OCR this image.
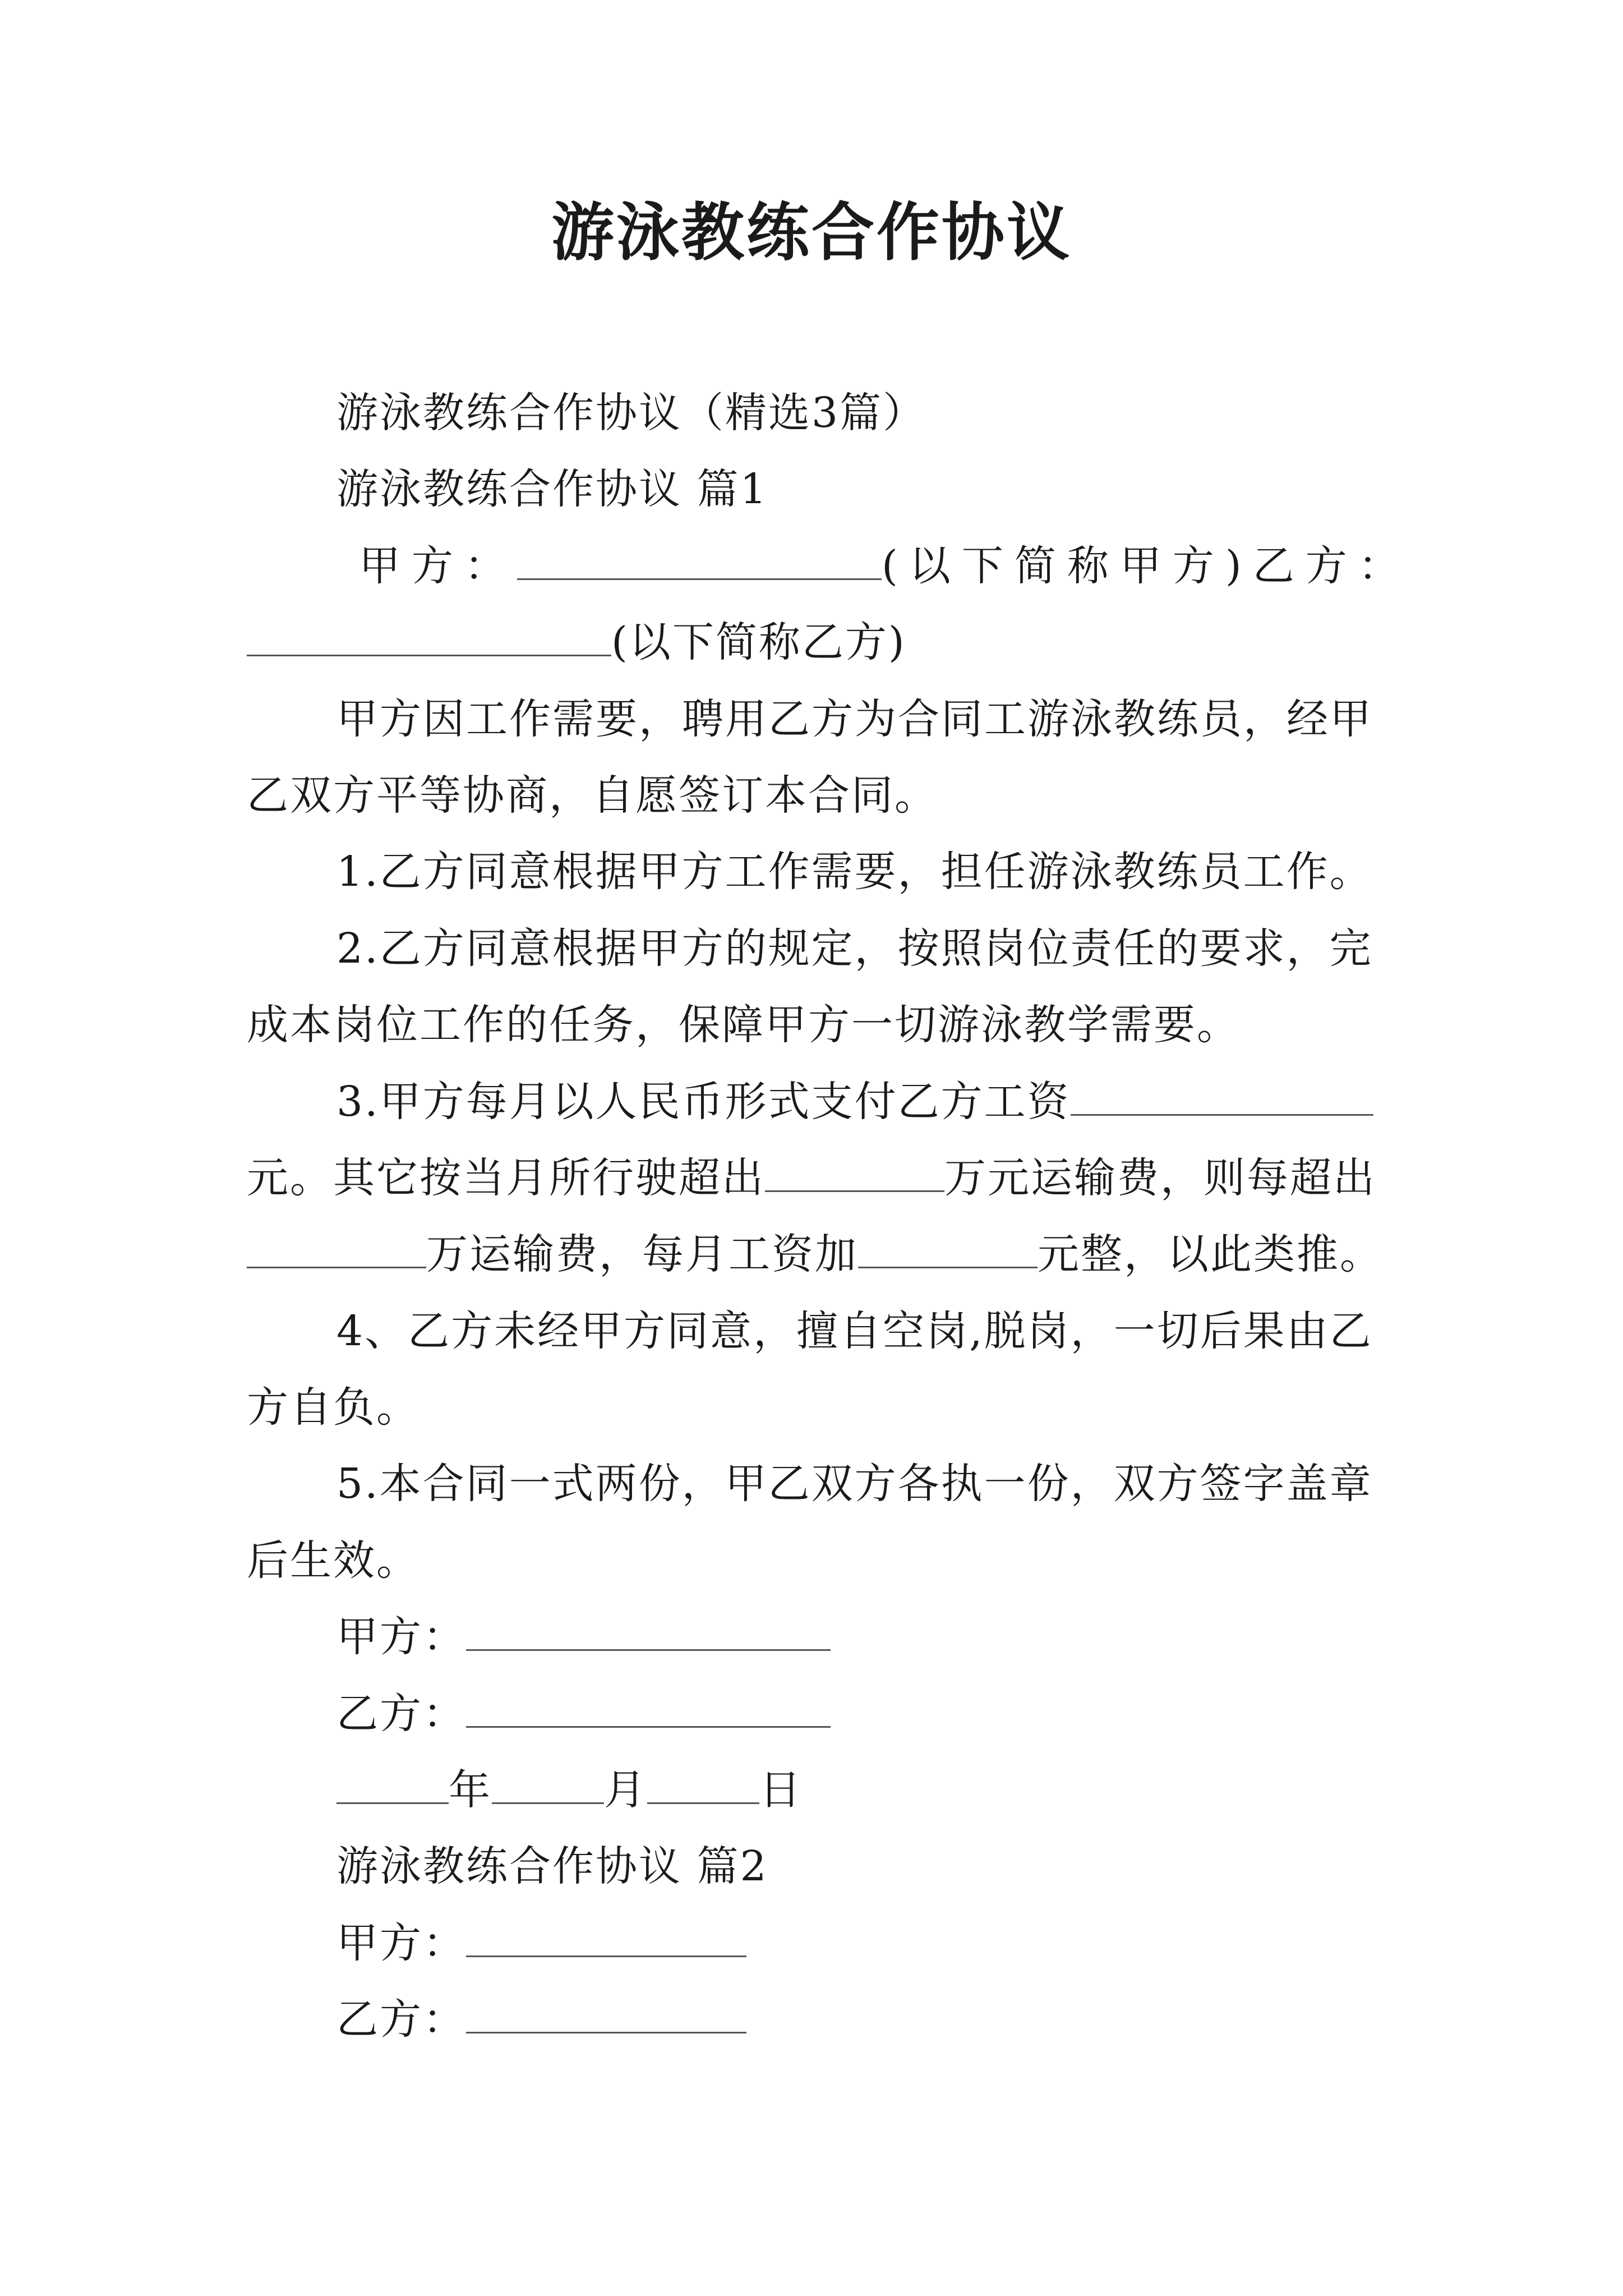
游泳教练合作协议
游泳教练合作协议（精选3篇）
游泳教练合作协议 篇1
甲方：	(以下简称甲方)乙方：
(以下简称乙方)
甲方因工作需要，聘用乙方为合同工游泳教练员，经甲
乙双方平等协商，自愿签订本合同。
1.乙方同意根据甲方工作需要，担任游泳教练员工作。
2.乙方同意根据甲方的规定，按照岗位责任的要求，完
成本岗位工作的任务，保障甲方一切游泳教学需要。
3.甲方每月以人民币形式支付乙方工资
元。其它按当月所行驶超出	万元运输费，则每超出
万运输费，每月工资加	元整，以此类推。
4、乙方未经甲方同意，擅自空岗,脱岗，一切后果由乙
方自负。
5.本合同一式两份，甲乙双方各执一份，双方签字盖章
后生效。
甲方：
乙方：
年	月	日
游泳教练合作协议 篇2
甲方：
乙方：
